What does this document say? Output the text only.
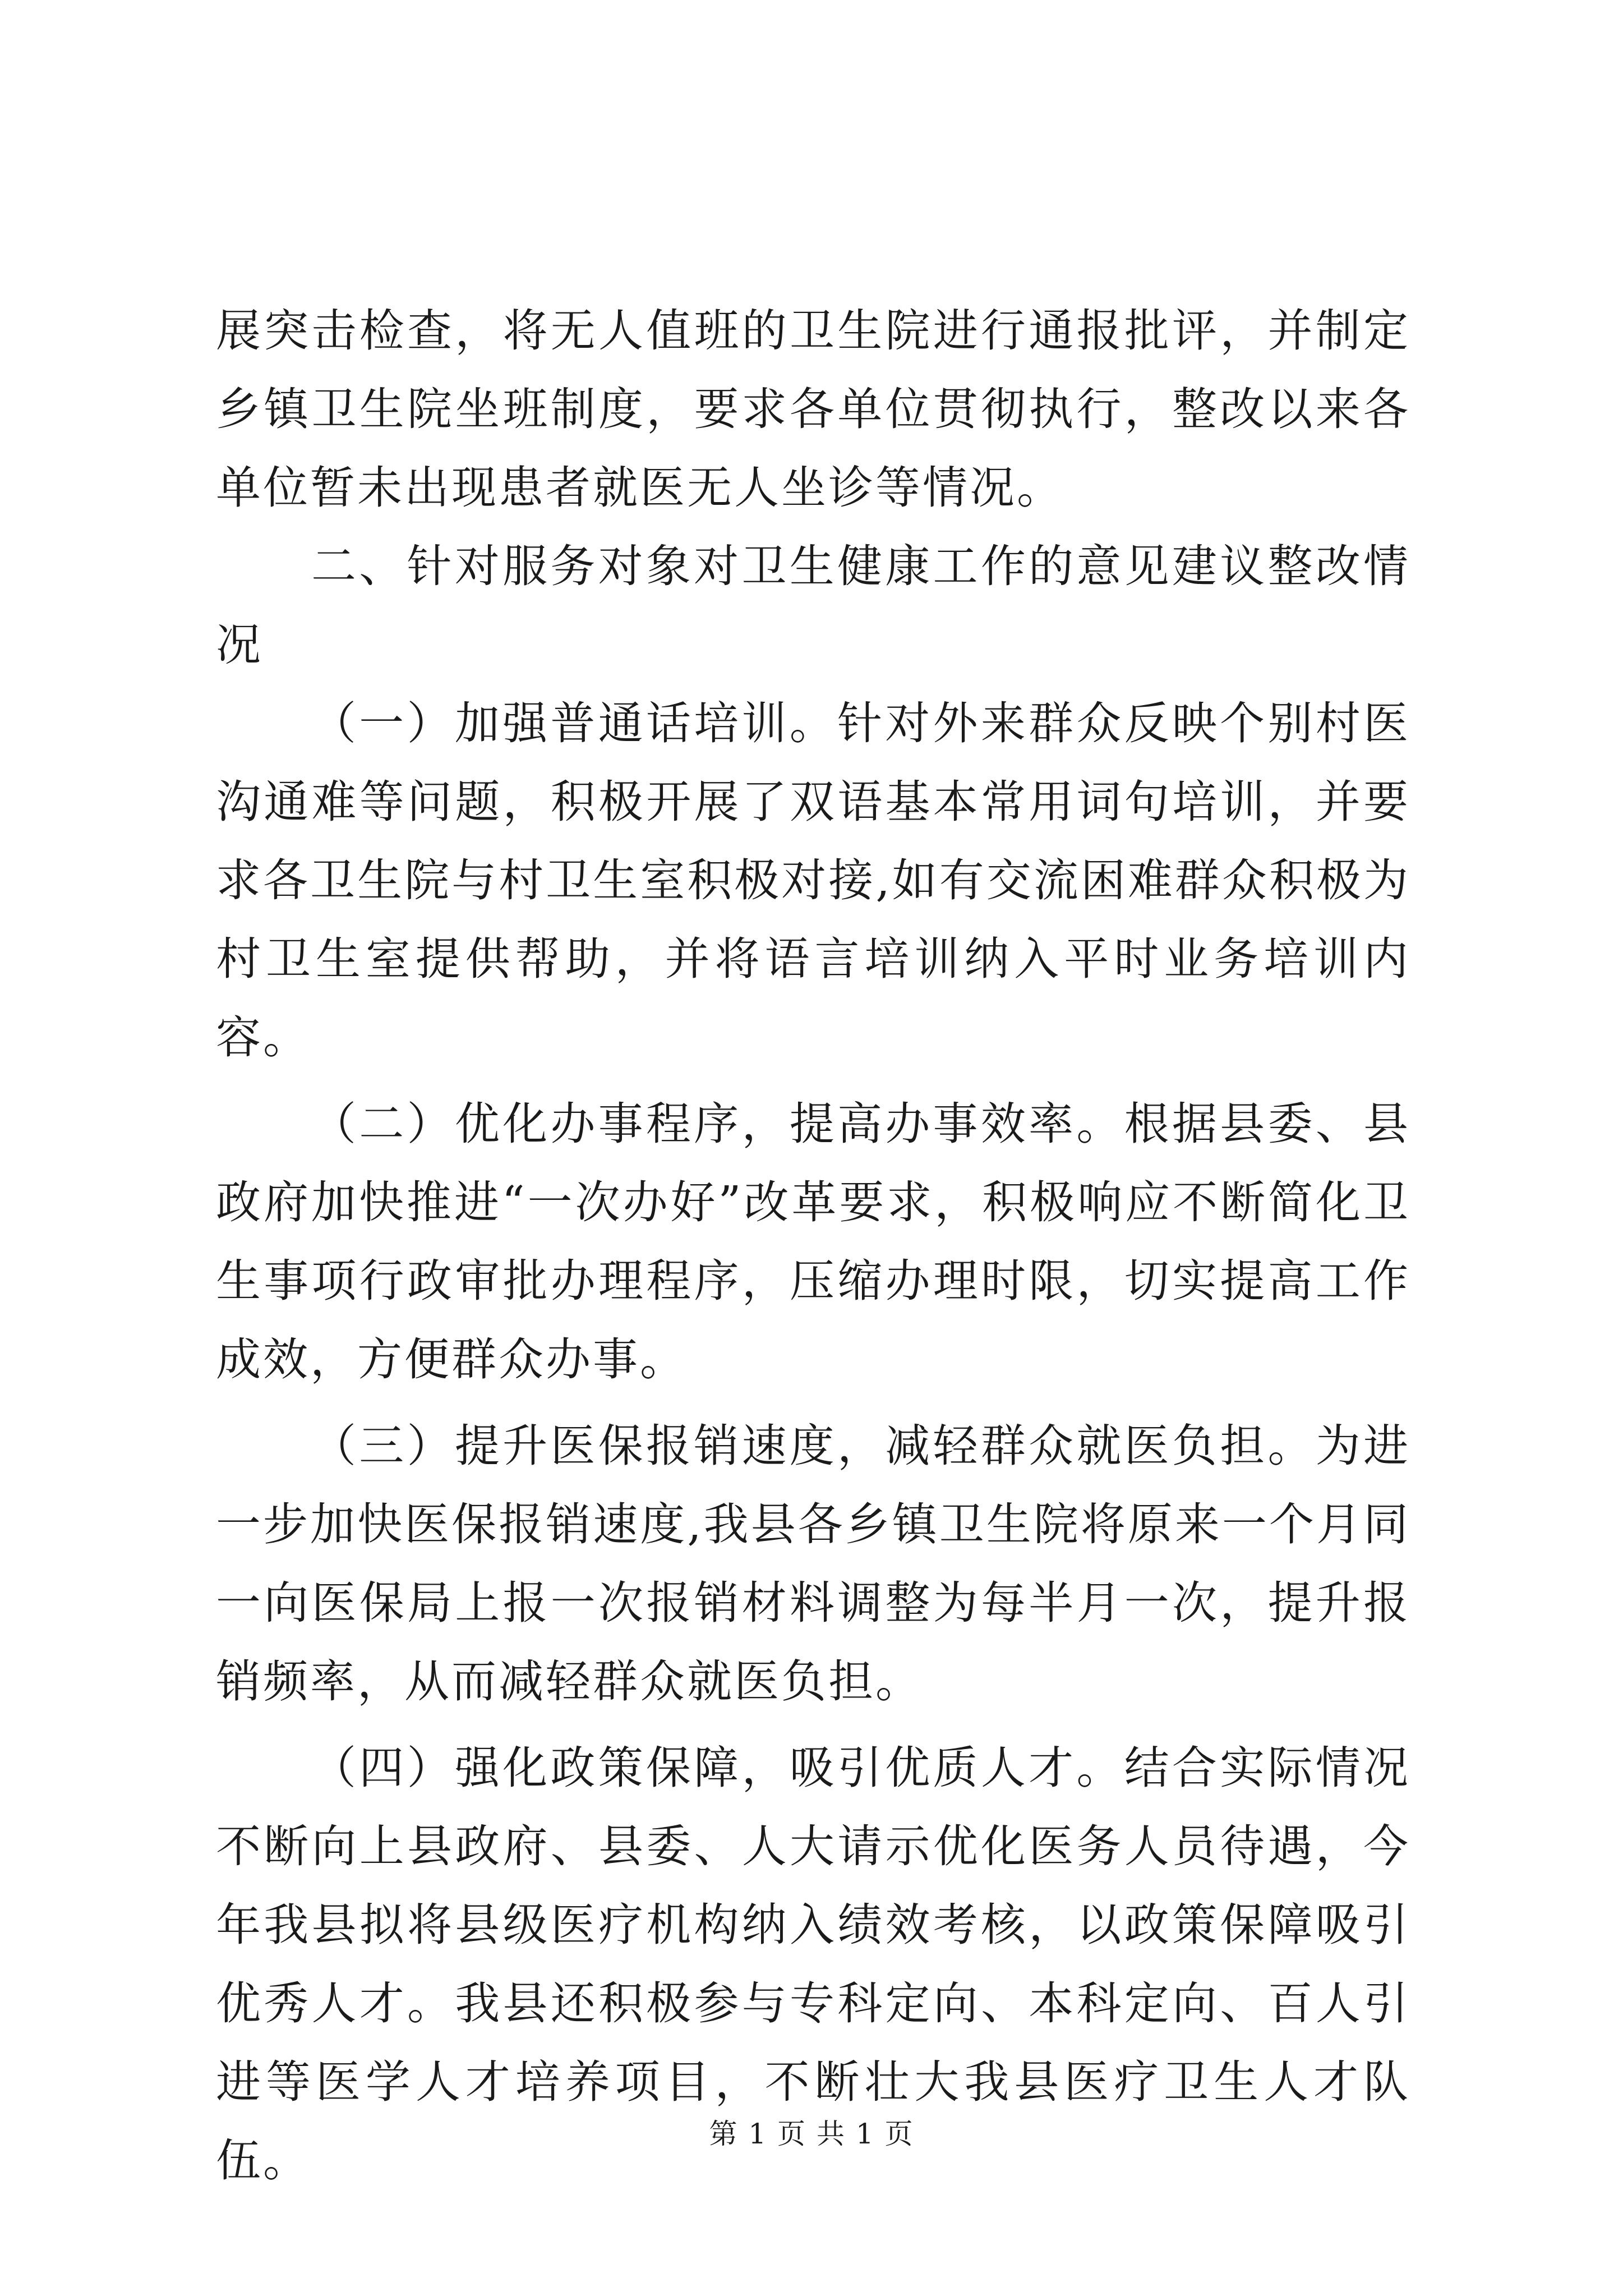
展突击检查，将无人值班的卫生院进行通报批评，并制定乡镇卫生院坐班制度，要求各单位贯彻执行，整改以来各单位暂未出现患者就医无人坐诊等情况。

二、针对服务对象对卫生健康工作的意见建议整改情况

（一）加强普通话培训。针对外来群众反映个别村医沟通难等问题，积极开展了双语基本常用词句培训，并要求各卫生院与村卫生室积极对接,如有交流困难群众积极为村卫生室提供帮助，并将语言培训纳入平时业务培训内容。

（二）优化办事程序，提高办事效率。根据县委、县政府加快推进“一次办好”改革要求，积极响应不断简化卫生事项行政审批办理程序，压缩办理时限，切实提高工作成效，方便群众办事。

（三）提升医保报销速度，减轻群众就医负担。为进一步加快医保报销速度,我县各乡镇卫生院将原来一个月同一向医保局上报一次报销材料调整为每半月一次，提升报销频率，从而减轻群众就医负担。

（四）强化政策保障，吸引优质人才。结合实际情况不断向上县政府、县委、人大请示优化医务人员待遇，今年我县拟将县级医疗机构纳入绩效考核，以政策保障吸引优秀人才。我县还积极参与专科定向、本科定向、百人引进等医学人才培养项目，不断壮大我县医疗卫生人才队伍。

第 1 页 共 1 页
